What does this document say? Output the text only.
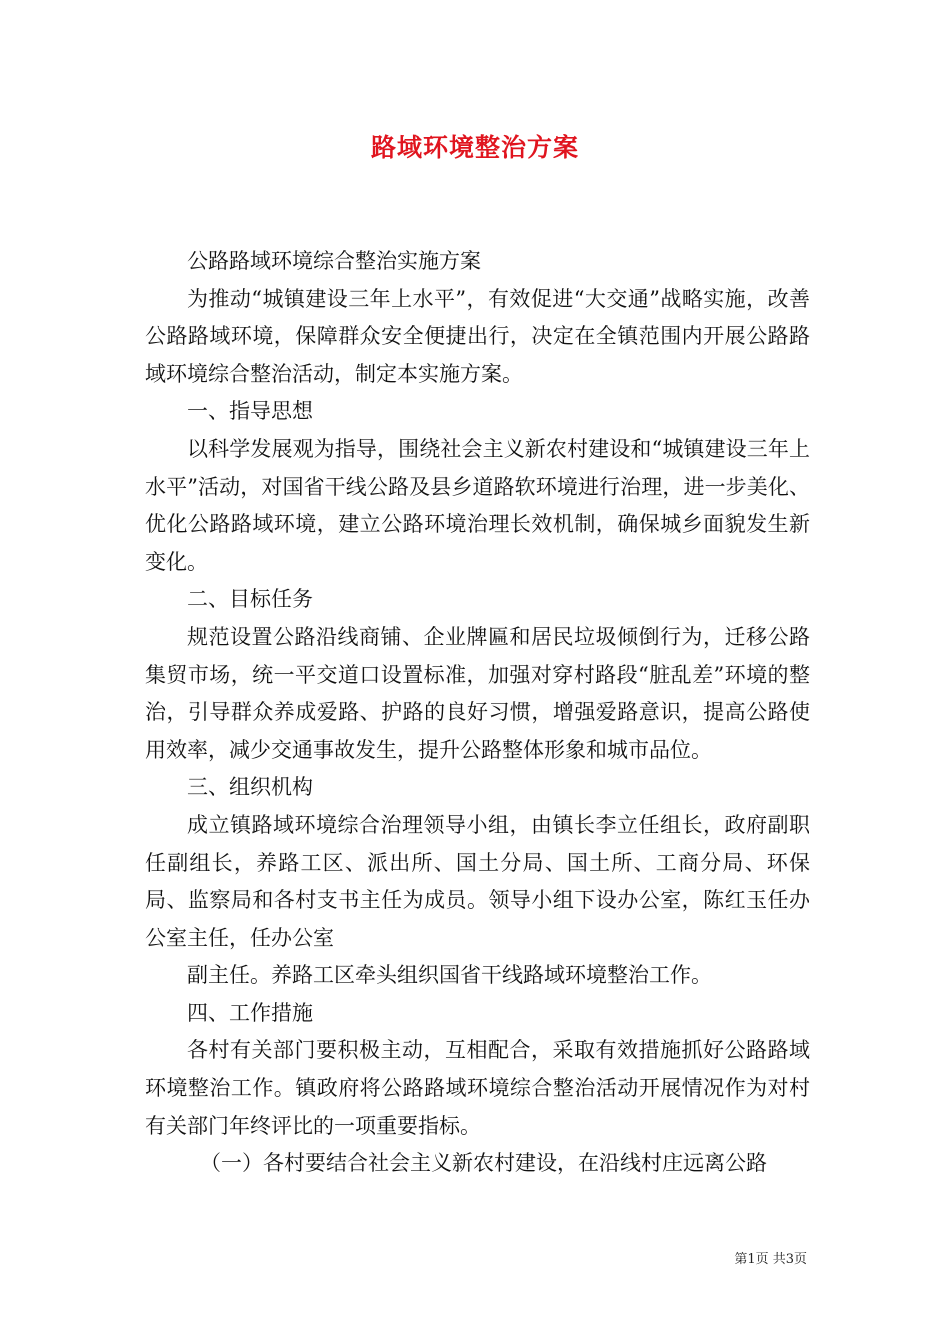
路域环境整治方案

公路路域环境综合整治实施方案

为推动“城镇建设三年上水平”，有效促进“大交通”战略实施，改善公路路域环境，保障群众安全便捷出行，决定在全镇范围内开展公路路域环境综合整治活动，制定本实施方案。

一、指导思想

以科学发展观为指导，围绕社会主义新农村建设和“城镇建设三年上水平”活动，对国省干线公路及县乡道路软环境进行治理，进一步美化、优化公路路域环境，建立公路环境治理长效机制，确保城乡面貌发生新变化。

二、目标任务

规范设置公路沿线商铺、企业牌匾和居民垃圾倾倒行为，迁移公路集贸市场，统一平交道口设置标准，加强对穿村路段“脏乱差”环境的整治，引导群众养成爱路、护路的良好习惯，增强爱路意识，提高公路使用效率，减少交通事故发生，提升公路整体形象和城市品位。

三、组织机构

成立镇路域环境综合治理领导小组，由镇长李立任组长，政府副职任副组长，养路工区、派出所、国土分局、国土所、工商分局、环保局、监察局和各村支书主任为成员。领导小组下设办公室，陈红玉任办公室主任，任办公室

副主任。养路工区牵头组织国省干线路域环境整治工作。

四、工作措施

各村有关部门要积极主动，互相配合，采取有效措施抓好公路路域环境整治工作。镇政府将公路路域环境综合整治活动开展情况作为对村有关部门年终评比的一项重要指标。

（一）各村要结合社会主义新农村建设，在沿线村庄远离公路

第1页 共3页
